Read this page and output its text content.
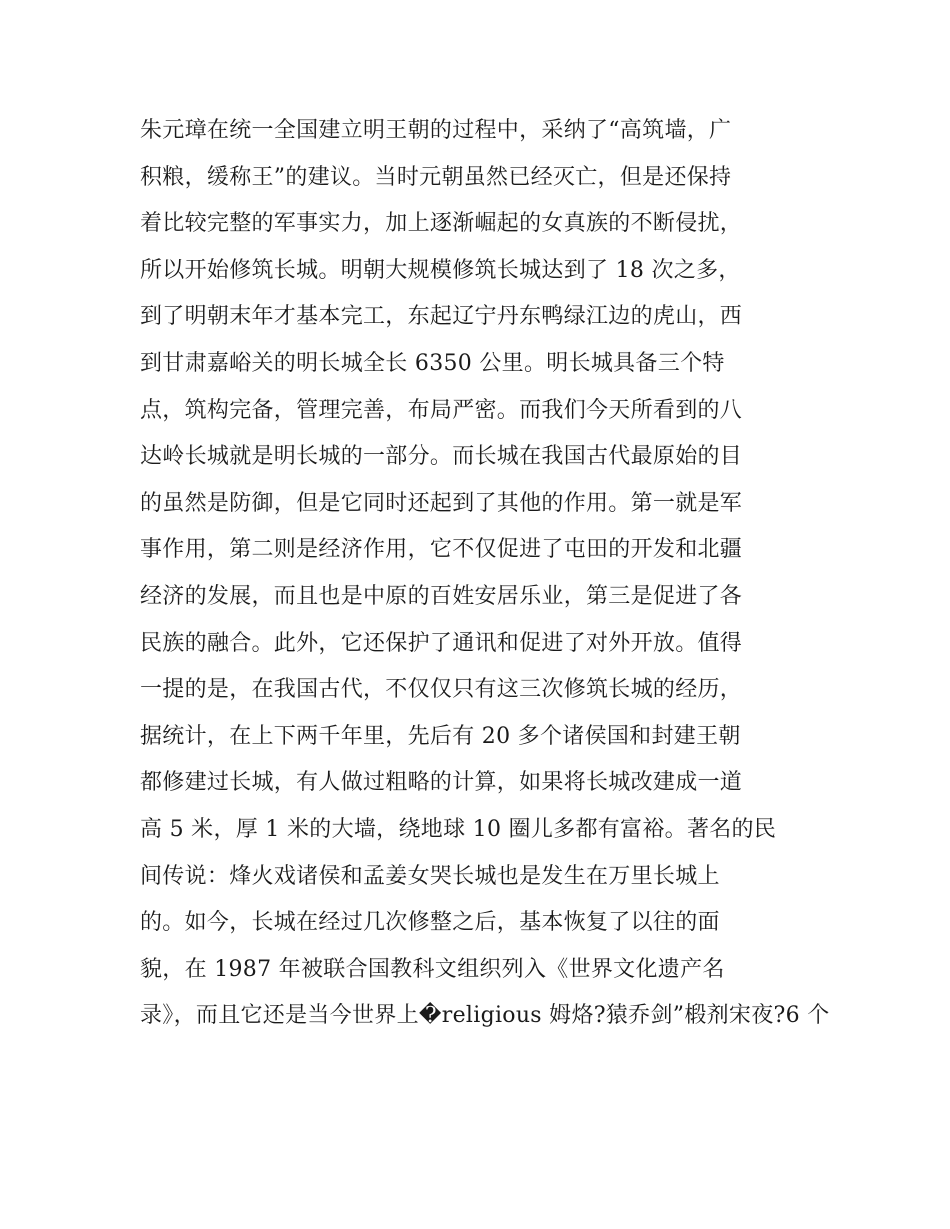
朱元璋在统一全国建立明王朝的过程中，采纳了“高筑墙，广
积粮，缓称王”的建议。当时元朝虽然已经灭亡，但是还保持
着比较完整的军事实力，加上逐渐崛起的女真族的不断侵扰，
所以开始修筑长城。明朝大规模修筑长城达到了 18 次之多，
到了明朝末年才基本完工，东起辽宁丹东鸭绿江边的虎山，西
到甘肃嘉峪关的明长城全长 6350 公里。明长城具备三个特
点，筑构完备，管理完善，布局严密。而我们今天所看到的八
达岭长城就是明长城的一部分。而长城在我国古代最原始的目
的虽然是防御，但是它同时还起到了其他的作用。第一就是军
事作用，第二则是经济作用，它不仅促进了屯田的开发和北疆
经济的发展，而且也是中原的百姓安居乐业，第三是促进了各
民族的融合。此外，它还保护了通讯和促进了对外开放。值得
一提的是，在我国古代，不仅仅只有这三次修筑长城的经历，
据统计，在上下两千年里，先后有 20 多个诸侯国和封建王朝
都修建过长城，有人做过粗略的计算，如果将长城改建成一道
高 5 米，厚 1 米的大墙，绕地球 10 圈儿多都有富裕。著名的民
间传说：烽火戏诸侯和孟姜女哭长城也是发生在万里长城上
的。如今，长城在经过几次修整之后，基本恢复了以往的面
貌，在 1987 年被联合国教科文组织列入《世界文化遗产名
录》，而且它还是当今世界上�religious 姆烙?猿乔剑”椴剂宋夜?6 个
